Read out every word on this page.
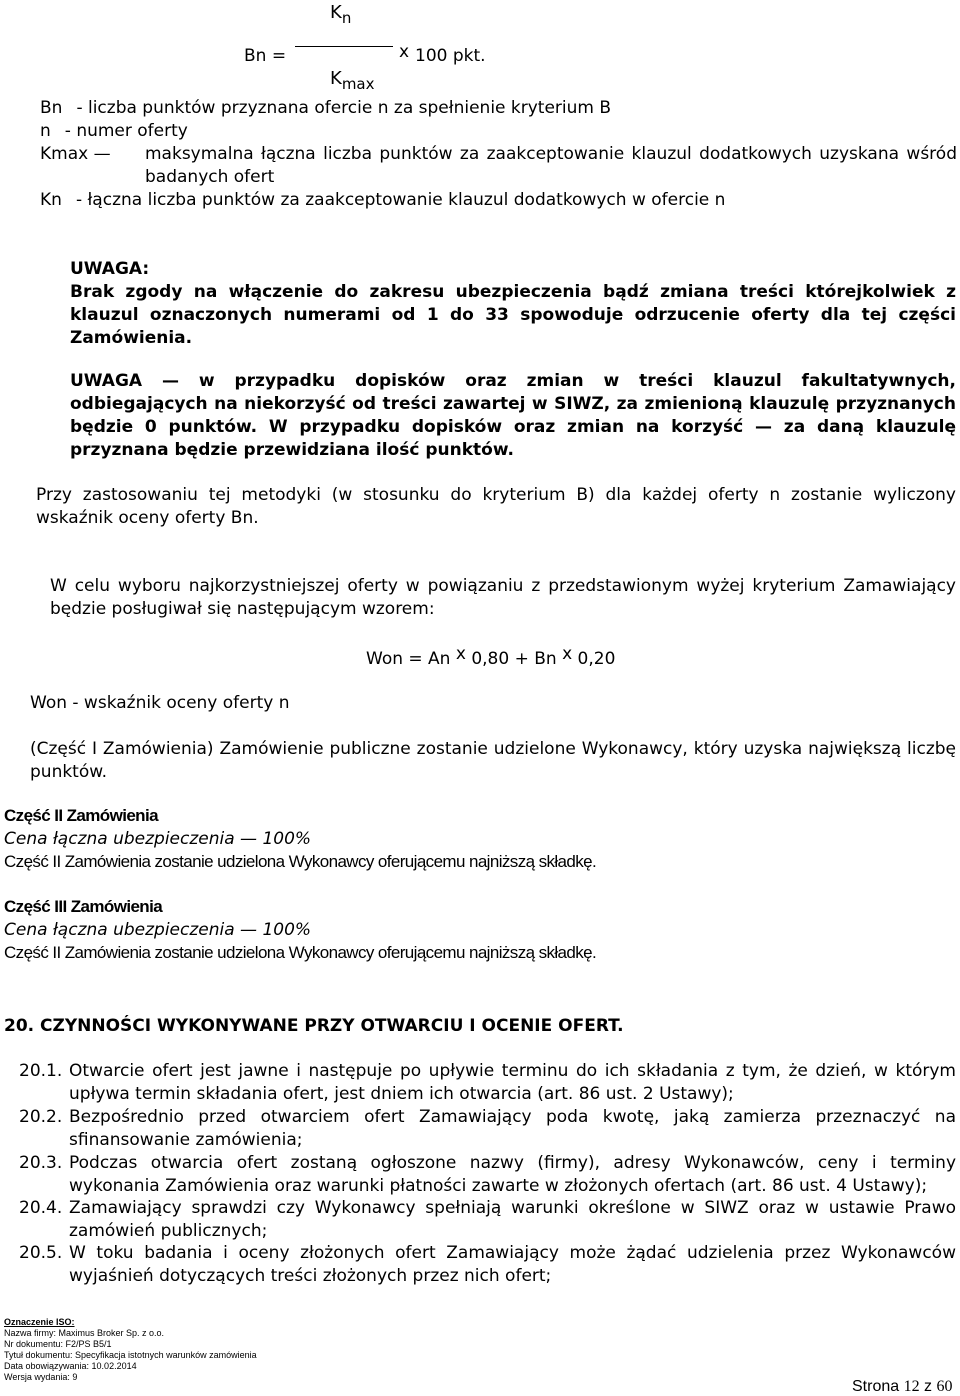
$K_n$
Bn =	x 100 pkt.
$K_{max}$
Bn - liczba punktów przyznana ofercie n za spełnienie kryterium B
n - numer oferty
Kmax — maksymalna łączna liczba punktów za zaakceptowanie klauzul dodatkowych uzyskana wśród badanych ofert
Kn - łączna liczba punktów za zaakceptowanie klauzul dodatkowych w ofercie n
UWAGA:
Brak zgody na włączenie do zakresu ubezpieczenia bądź zmiana treści którejkolwiek z klauzul oznaczonych numerami od 1 do 33 spowoduje odrzucenie oferty dla tej części Zamówienia.
UWAGA — w przypadku dopisków oraz zmian w treści klauzul fakultatywnych, odbiegających na niekorzyść od treści zawartej w SIWZ, za zmienioną klauzulę przyznanych będzie 0 punktów. W przypadku dopisków oraz zmian na korzyść — za daną klauzulę przyznana będzie przewidziana ilość punktów.
Przy zastosowaniu tej metodyki (w stosunku do kryterium B) dla każdej oferty n zostanie wyliczony wskaźnik oceny oferty Bn.
W celu wyboru najkorzystniejszej oferty w powiązaniu z przedstawionym wyżej kryterium Zamawiający będzie posługiwał się następującym wzorem:
Won = An x 0,80 + Bn x 0,20
Won - wskaźnik oceny oferty n
(Część I Zamówienia) Zamówienie publiczne zostanie udzielone Wykonawcy, który uzyska największą liczbę punktów.
Część II Zamówienia
Cena łączna ubezpieczenia — 100%
Część II Zamówienia zostanie udzielona Wykonawcy oferującemu najniższą składkę.
Część III Zamówienia
Cena łączna ubezpieczenia — 100%
Część II Zamówienia zostanie udzielona Wykonawcy oferującemu najniższą składkę.
20. CZYNNOŚCI WYKONYWANE PRZY OTWARCIU I OCENIE OFERT.
20.1. Otwarcie ofert jest jawne i następuje po upływie terminu do ich składania z tym, że dzień, w którym upływa termin składania ofert, jest dniem ich otwarcia (art. 86 ust. 2 Ustawy);
20.2. Bezpośrednio przed otwarciem ofert Zamawiający poda kwotę, jaką zamierza przeznaczyć na sfinansowanie zamówienia;
20.3. Podczas otwarcia ofert zostaną ogłoszone nazwy (firmy), adresy Wykonawców, ceny i terminy wykonania Zamówienia oraz warunki płatności zawarte w złożonych ofertach (art. 86 ust. 4 Ustawy);
20.4. Zamawiający sprawdzi czy Wykonawcy spełniają warunki określone w SIWZ oraz w ustawie Prawo zamówień publicznych;
20.5. W toku badania i oceny złożonych ofert Zamawiający może żądać udzielenia przez Wykonawców wyjaśnień dotyczących treści złożonych przez nich ofert;
Oznaczenie ISO:
Nazwa firmy: Maximus Broker Sp. z o.o.
Nr dokumentu: F2/PS B5/1
Tytuł dokumentu: Specyfikacja istotnych warunków zamówienia
Data obowiązywania: 10.02.2014
Wersja wydania: 9
Strona 12 z 60
